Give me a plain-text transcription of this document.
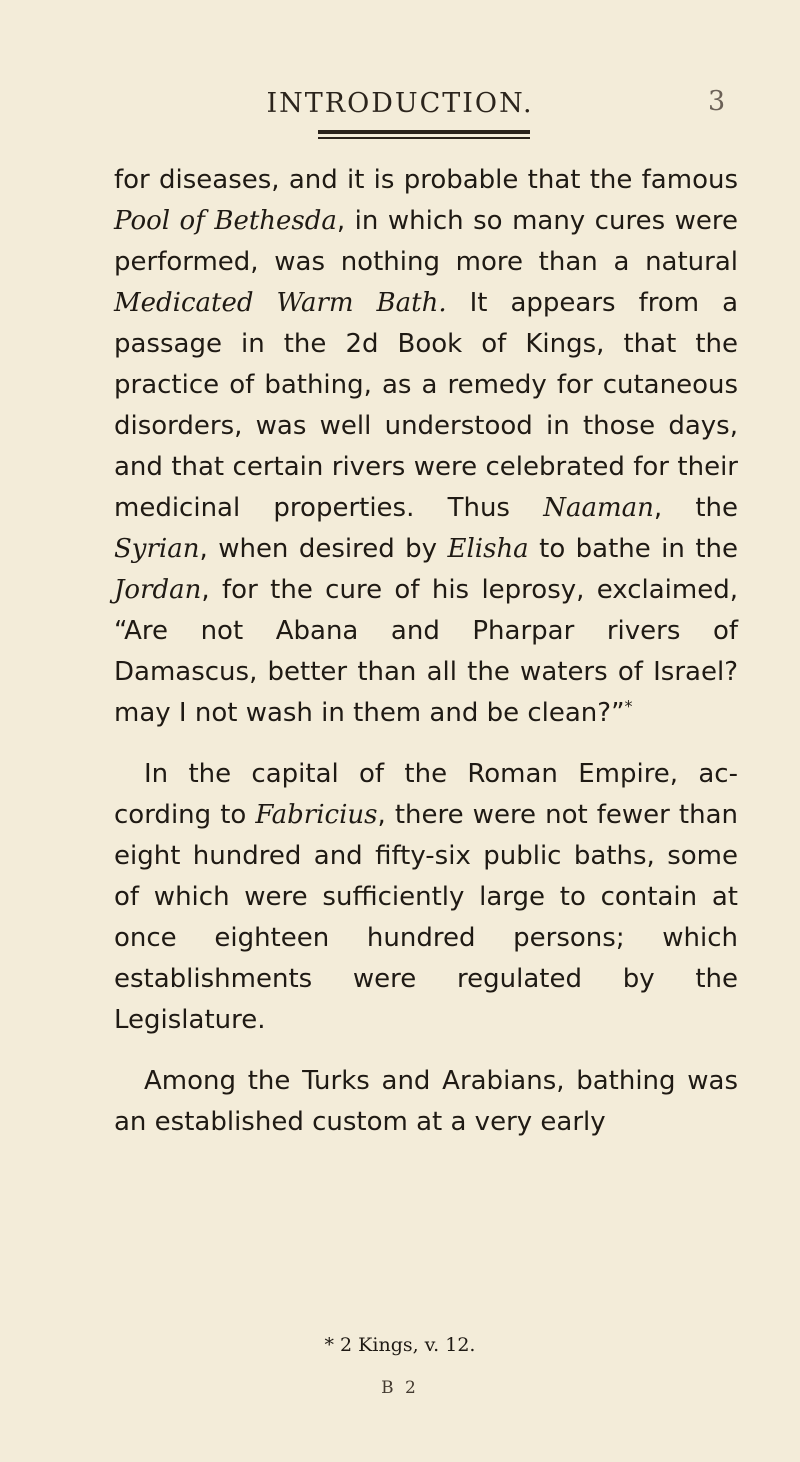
INTRODUCTION.	3

for diseases, and it is probable that the famous Pool of Bethesda, in which so many cures were performed, was nothing more than a natural Medicated Warm Bath. It appears from a passage in the 2d Book of Kings, that the practice of bathing, as a remedy for cutaneous disorders, was well understood in those days, and that certain rivers were celebrated for their medicinal properties. Thus Naaman, the Syrian, when desired by Elisha to bathe in the Jordan, for the cure of his leprosy, exclaimed, “Are not Abana and Pharpar rivers of Damascus, better than all the waters of Israel? may I not wash in them and be clean?”*

In the capital of the Roman Empire, according to Fabricius, there were not fewer than eight hundred and fifty-six public baths, some of which were sufficiently large to contain at once eighteen hundred persons; which establishments were regulated by the Legislature.

Among the Turks and Arabians, bathing was an established custom at a very early

* 2 Kings, v. 12.
B 2
